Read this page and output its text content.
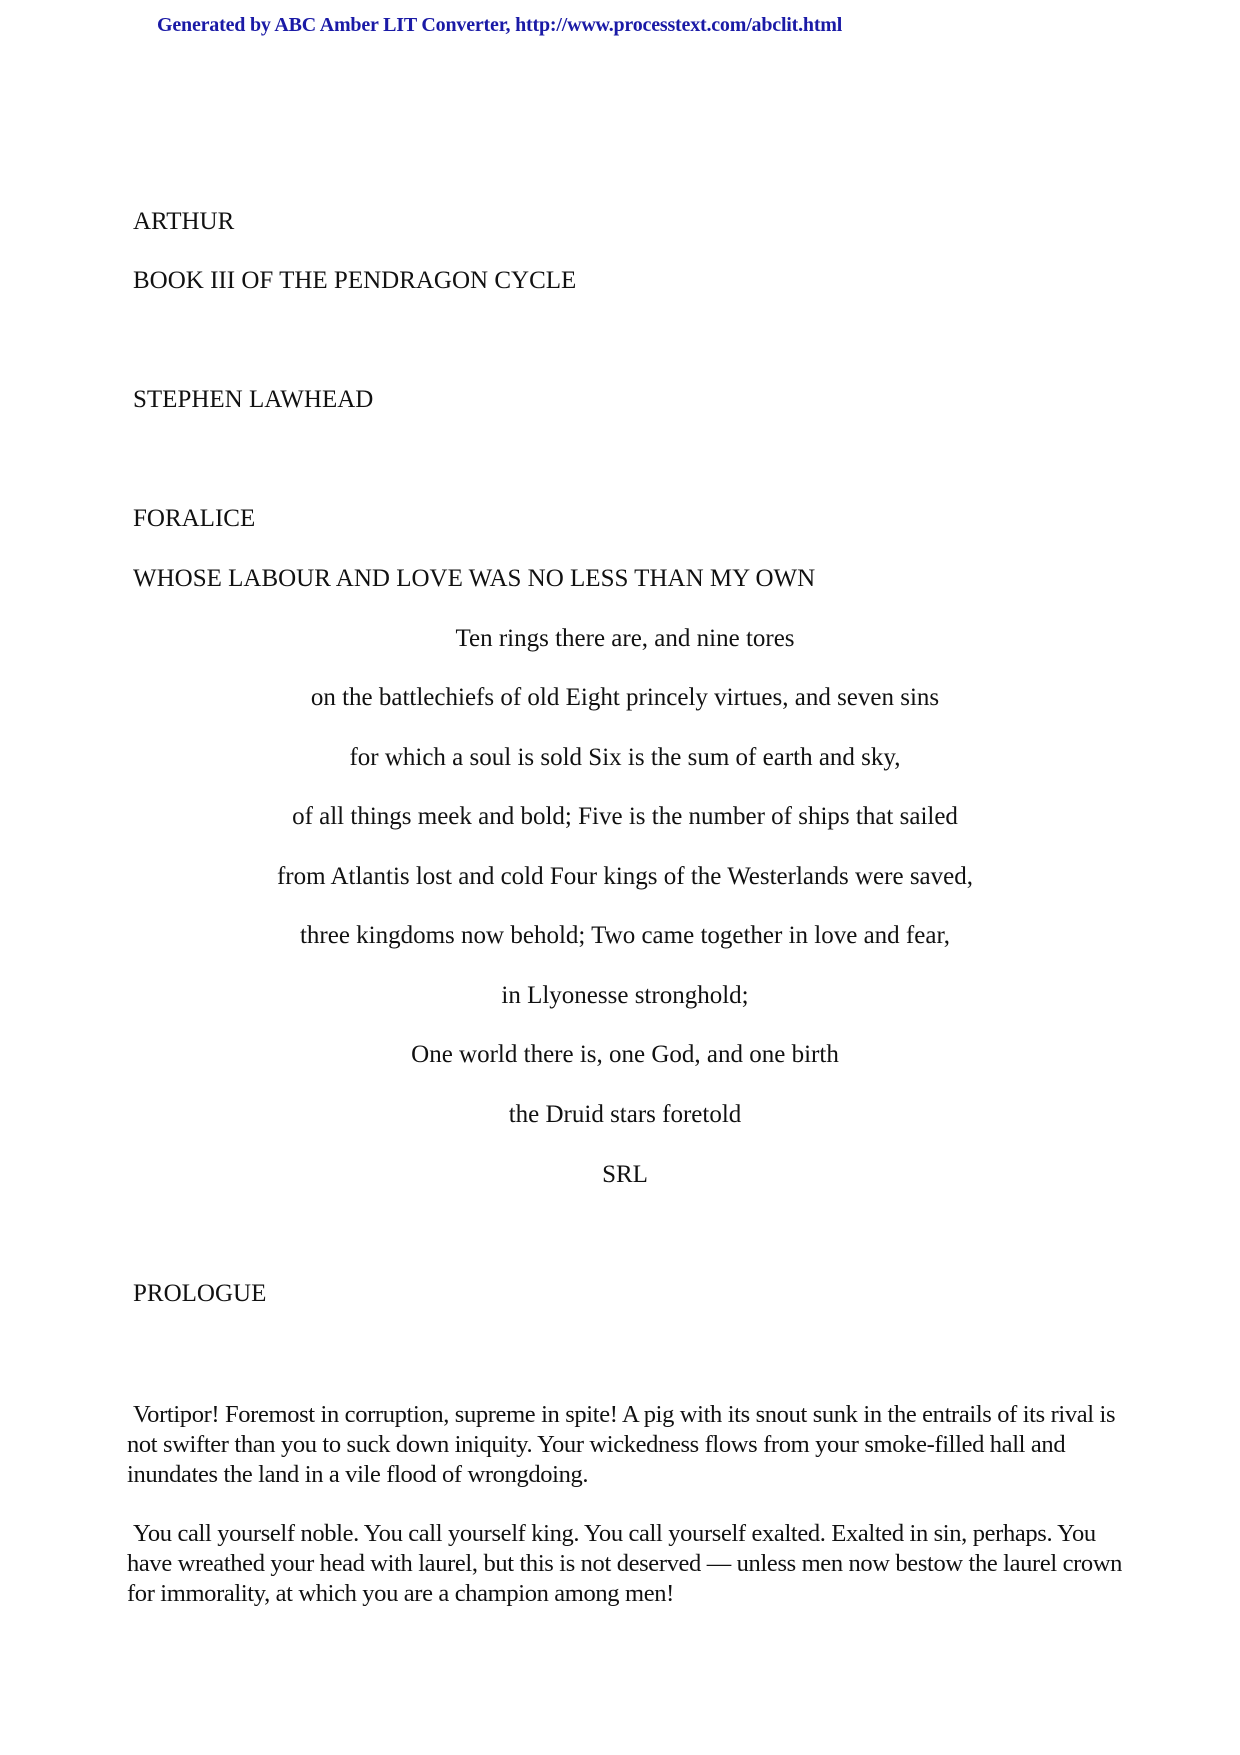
Generated by ABC Amber LIT Converter, http://www.processtext.com/abclit.html
ARTHUR
BOOK III OF THE PENDRAGON CYCLE
STEPHEN LAWHEAD
FORALICE
WHOSE LABOUR AND LOVE WAS NO LESS THAN MY OWN
Ten rings there are, and nine tores
on the battlechiefs of old Eight princely virtues, and seven sins
for which a soul is sold Six is the sum of earth and sky,
of all things meek and bold; Five is the number of ships that sailed
from Atlantis lost and cold Four kings of the Westerlands were saved,
three kingdoms now behold; Two came together in love and fear,
in Llyonesse stronghold;
One world there is, one God, and one birth
the Druid stars foretold
SRL
PROLOGUE
Vortipor! Foremost in corruption, supreme in spite! A pig with its snout sunk in the entrails of its rival is not swifter than you to suck down iniquity. Your wickedness flows from your smoke-filled hall and inundates the land in a vile flood of wrongdoing.
You call yourself noble. You call yourself king. You call yourself exalted. Exalted in sin, perhaps. You have wreathed your head with laurel, but this is not deserved — unless men now bestow the laurel crown for immorality, at which you are a champion among men!
